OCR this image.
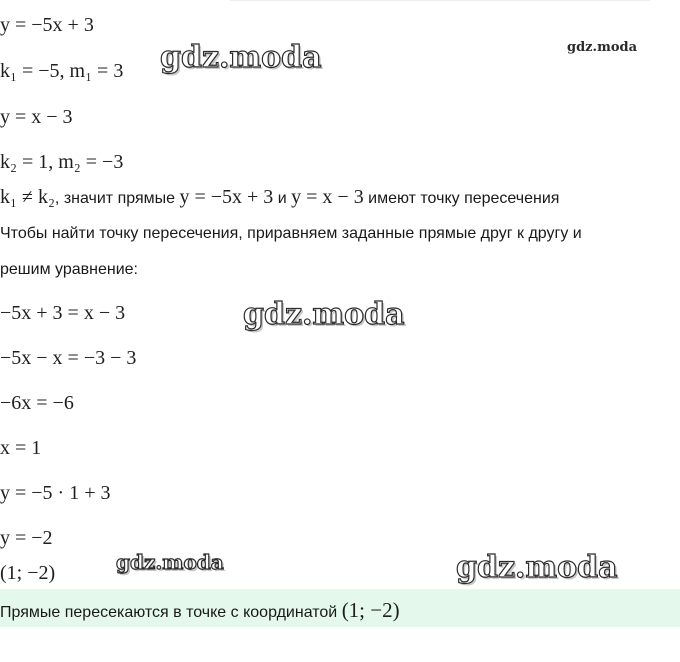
y = −5x + 3
k₁ = −5, m₁ = 3
y = x − 3
k₂ = 1, m₂ = −3
k₁ ≠ k₂, значит прямые y = −5x + 3 и y = x − 3 имеют точку пересечения
Чтобы найти точку пересечения, приравняем заданные прямые друг к другу и
решим уравнение:
−5x + 3 = x − 3
−5x − x = −3 − 3
−6x = −6
x = 1
y = −5 · 1 + 3
y = −2
(1; −2)
Прямые пересекаются в точке с координатой (1; −2)
gdz.moda	gdz.moda
gdz.moda
gdz.moda	gdz.moda
